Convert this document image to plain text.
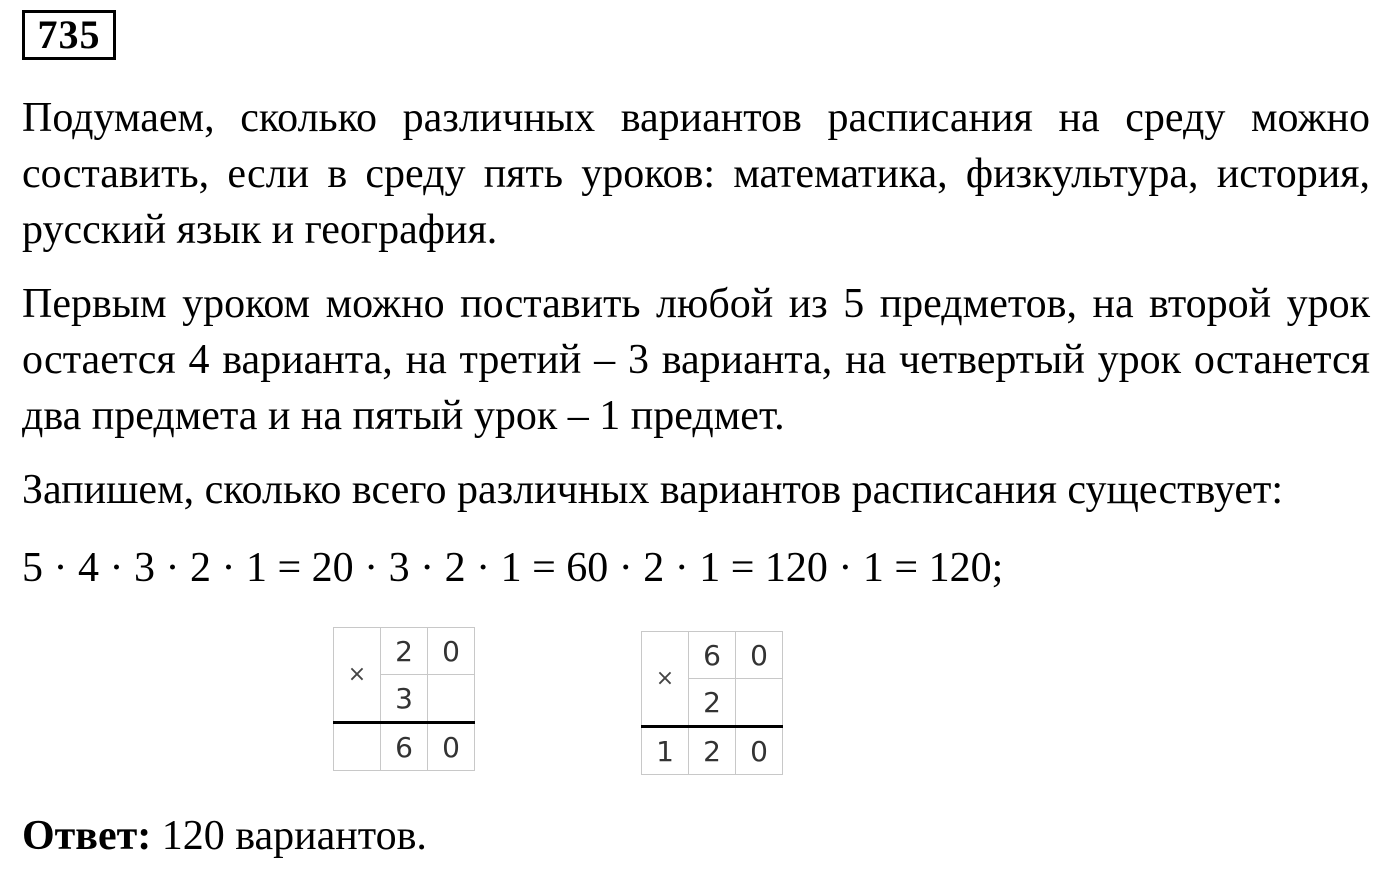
735

Подумаем, сколько различных вариантов расписания на среду можно составить, если в среду пять уроков: математика, физкультура, история, русский язык и география.

Первым уроком можно поставить любой из 5 предметов, на второй урок остается 4 варианта, на третий – 3 варианта, на четвертый урок останется два предмета и на пятый урок – 1 предмет.

Запишем, сколько всего различных вариантов расписания существует:

5 · 4 · 3 · 2 · 1 = 20 · 3 · 2 · 1 = 60 · 2 · 1 = 120 · 1 = 120;

×	2	0
	3	
	6	0
×	6	0
	2	
1	2	0
Ответ: 120 вариантов.
